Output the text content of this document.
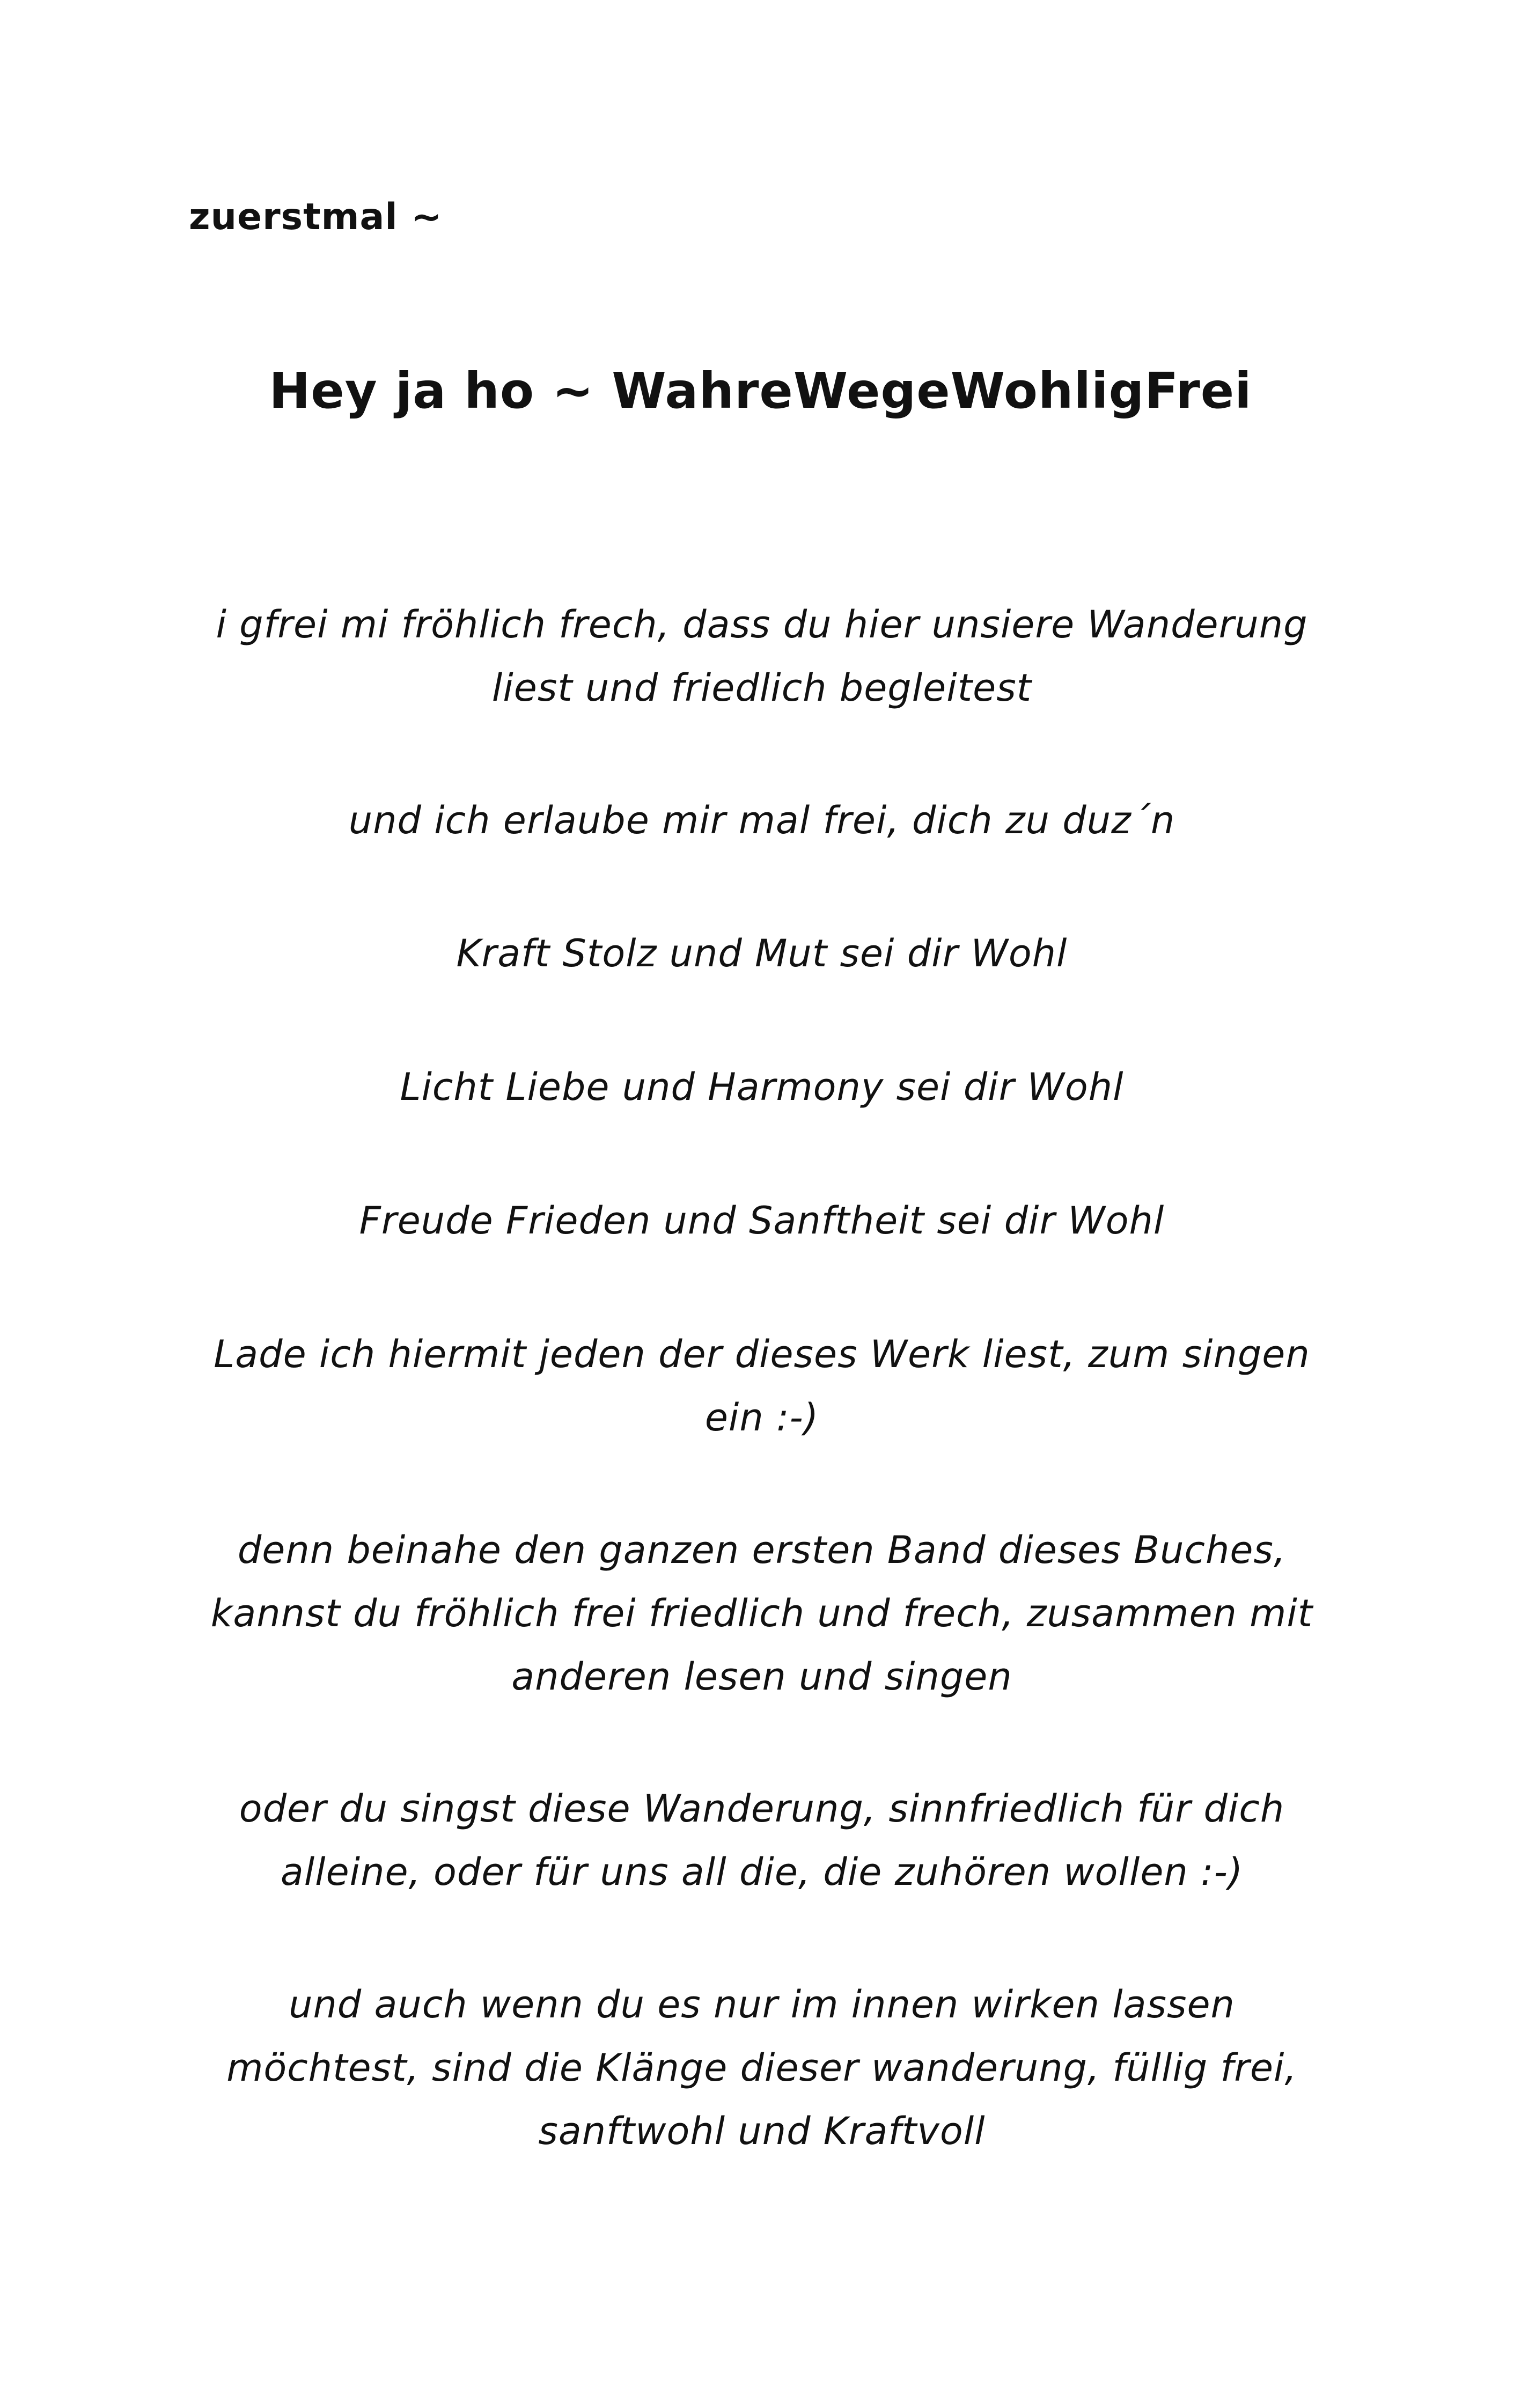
zuerstmal ~
Hey ja ho ~ WahreWegeWohligFrei
i gfrei mi fröhlich frech, dass du hier unsiere Wanderung
liest und friedlich begleitest
und ich erlaube mir mal frei, dich zu duz´n
Kraft Stolz und Mut sei dir Wohl
Licht Liebe und Harmony sei dir Wohl
Freude Frieden und Sanftheit sei dir Wohl
Lade ich hiermit jeden der dieses Werk liest, zum singen
ein :-)
denn beinahe den ganzen ersten Band dieses Buches,
kannst du fröhlich frei friedlich und frech, zusammen mit
anderen lesen und singen
oder du singst diese Wanderung, sinnfriedlich für dich
alleine, oder für uns all die, die zuhören wollen :-)
und auch wenn du es nur im innen wirken lassen
möchtest, sind die Klänge dieser wanderung, füllig frei,
sanftwohl und Kraftvoll
